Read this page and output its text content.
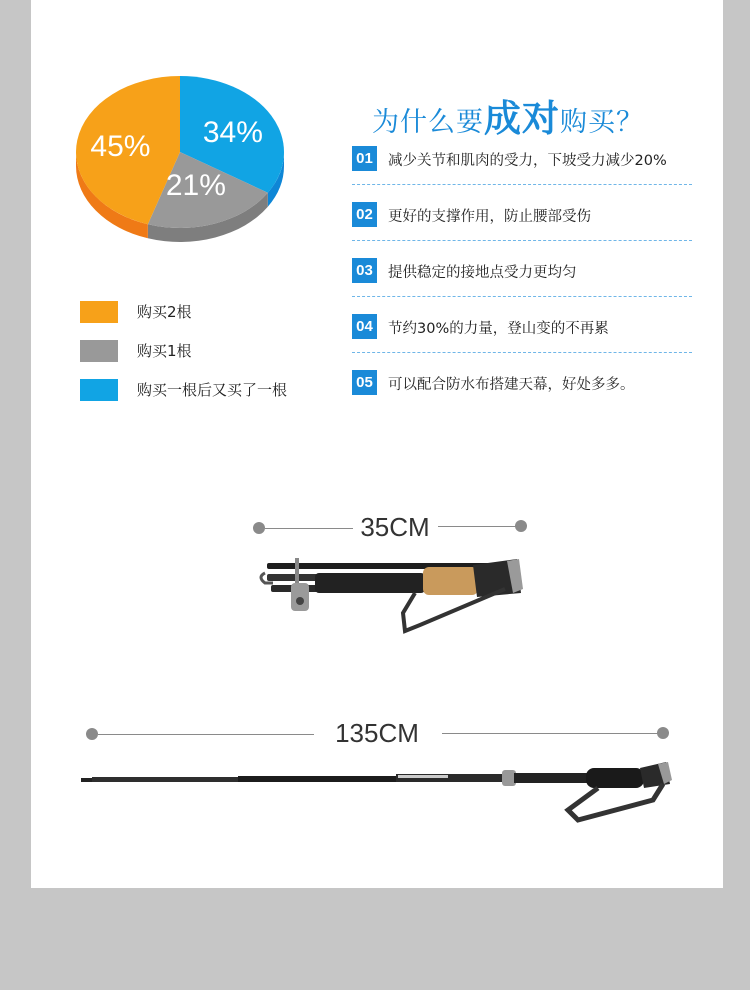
34%
21%
45%
购买2根
购买1根
购买一根后又买了一根
为什么要成对购买？
01 减少关节和肌肉的受力，下坡受力减少20%
02 更好的支撑作用，防止腰部受伤
03 提供稳定的接地点受力更均匀
04 节约30%的力量，登山变的不再累
05 可以配合防水布搭建天幕，好处多多。
35CM
135CM
